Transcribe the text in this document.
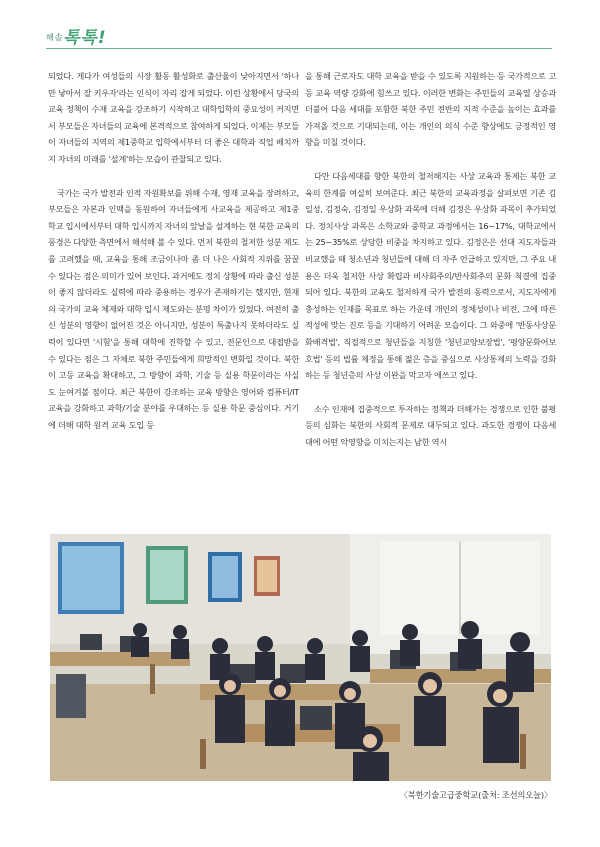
해솔 톡톡!

되었다. 게다가 여성들의 시장 활동 활성화로 출산율이 낮아지면서 '하나만 낳아서 잘 키우자'라는 인식이 자리 잡게 되었다. 이런 상황에서 당국의 교육 정책이 수재 교육을 강조하기 시작하고 대학입학의 중요성이 커지면서 부모들은 자녀들의 교육에 본격적으로 참여하게 되었다. 이제는 부모들이 자녀들의 지역의 제1중학교 입학에서부터 더 좋은 대학과 직업 배치까지 자녀의 미래를 '설계'하는 모습이 관찰되고 있다.

국가는 국가 발전과 인적 자원확보를 위해 수재, 영재 교육을 장려하고, 부모들은 자본과 인맥을 동원하여 자녀들에게 사교육을 제공하고 제1중학교 입시에서부터 대학 입시까지 자녀의 앞날을 설계하는 현 북한 교육의 풍경은 다양한 측면에서 해석해 볼 수 있다. 먼저 북한의 철저한 성분 제도를 고려했을 때, 교육을 통해 조금이나마 좀 더 나은 사회적 지위를 꿈꿀 수 있다는 점은 의미가 있어 보인다. 과거에도 정치 상황에 따라 출신 성분이 좋지 않더라도 실력에 따라 중용하는 경우가 존재하기는 했지만, 현재의 국가의 교육 체제와 대학 입시 제도와는 분명 차이가 있었다. 여전히 출신 성분의 영향이 없어진 것은 아니지만, 성분이 특출나지 못하더라도 실력이 있다면 '시험'을 통해 대학에 진학할 수 있고, 전문인으로 대접받을 수 있다는 점은 그 자체로 북한 주민들에게 희망적인 변화일 것이다. 북한이 고등 교육을 확대하고, 그 방향이 과학, 기술 등 실용 학문이라는 사실도 눈여겨볼 점이다. 최근 북한이 강조하는 교육 방향은 영어와 컴퓨터/IT교육을 강화하고 과학/기술 분야를 우대하는 등 실용 학문 중심이다. 거기에 더해 대학 원격 교육 도입 등

을 통해 근로자도 대학 교육을 받을 수 있도록 지원하는 등 국가적으로 고등 교육 역량 강화에 힘쓰고 있다. 이러한 변화는 주민들의 교육열 상승과 더불어 다음 세대를 포함한 북한 주민 전반의 지적 수준을 높이는 효과를 가져올 것으로 기대되는데, 이는 개인의 의식 수준 향상에도 긍정적인 영향을 미칠 것이다.

다만 다음세대를 향한 북한의 철저해지는 사상 교육과 통제는 북한 교육의 한계를 여실히 보여준다. 최근 북한의 교육과정을 살펴보면 기존 김일성, 김정숙, 김정일 우상화 과목에 더해 김정은 우상화 과목이 추가되었다. 정치사상 과목은 소학교와 중학교 과정에서는 16~17%, 대학교에서는 25~35%로 상당한 비중을 차지하고 있다. 김정은은 선대 지도자들과 비교했을 때 청소년과 청년들에 대해 더 자주 언급하고 있지만, 그 주요 내용은 더욱 철저한 사상 확립과 비사회주의/반사회주의 문화 척결에 집중되어 있다. 북한의 교육도 철저하게 국가 발전의 동력으로서, 지도자에게 충성하는 인재를 목표로 하는 가운데 개인의 정체성이나 비전, 그에 따른 적성에 맞는 진로 등을 기대하기 어려운 모습이다. 그 와중에 '반동사상문화배격법', 직접적으로 청년들을 지칭한 '청년교양보장법', '평양문화어보호법' 등의 법률 제정을 통해 젊은 층을 중심으로 사상통제의 노력을 강화하는 등 청년층의 사상 이완을 막고자 애쓰고 있다.

소수 인재에 집중적으로 투자하는 정책과 더해가는 경쟁으로 인한 불평등의 심화는 북한의 사회적 문제로 대두되고 있다. 과도한 경쟁이 다음세대에 어떤 악영향을 미치는지는 남한 역시

〈북한기술고급중학교(출처: 조선의오늘)〉
